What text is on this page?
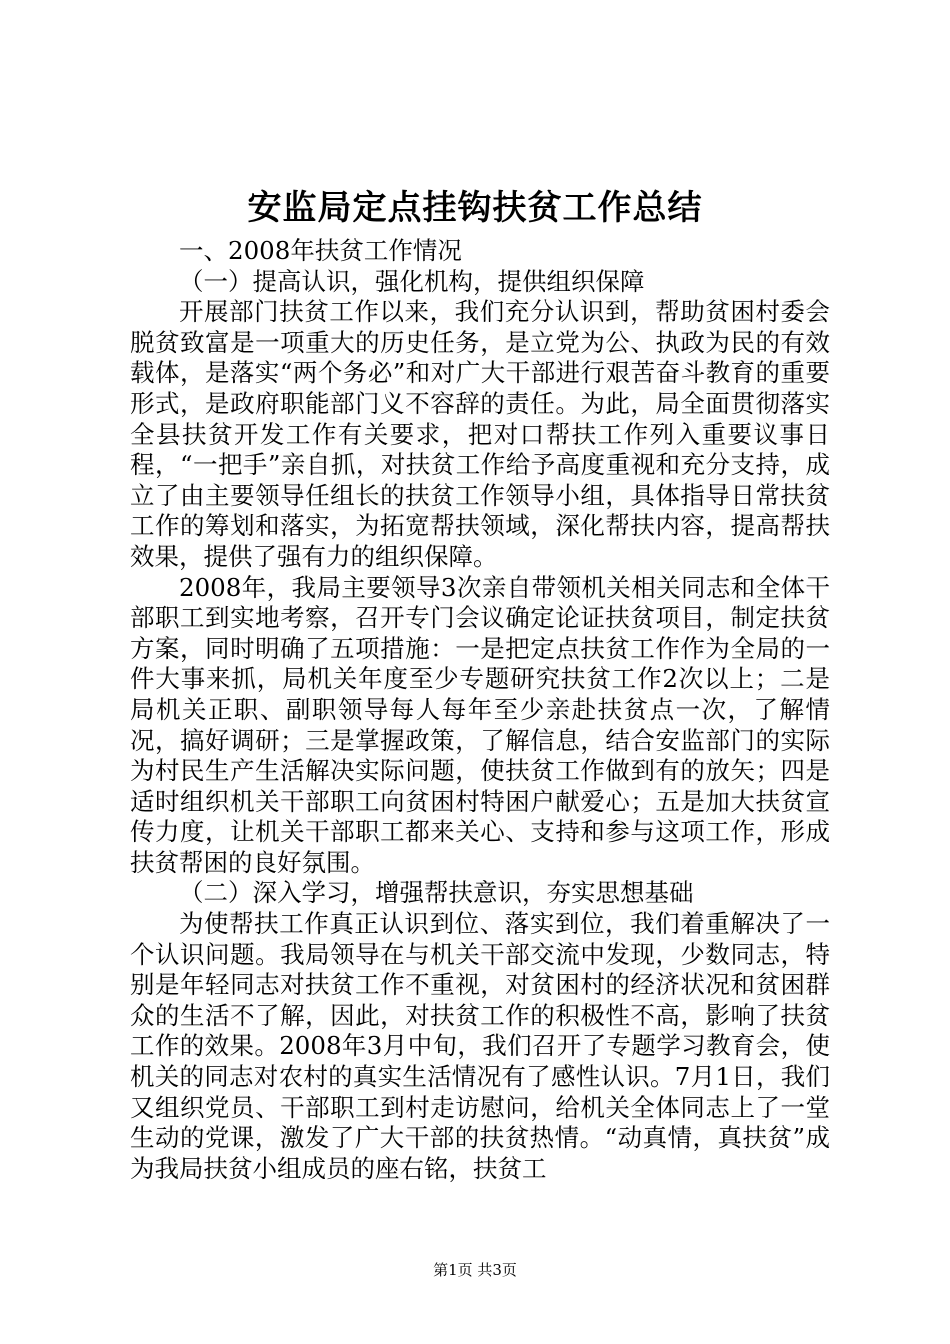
安监局定点挂钩扶贫工作总结

一、2008年扶贫工作情况

（一）提高认识，强化机构，提供组织保障

开展部门扶贫工作以来，我们充分认识到，帮助贫困村委会脱贫致富是一项重大的历史任务，是立党为公、执政为民的有效载体，是落实“两个务必”和对广大干部进行艰苦奋斗教育的重要形式，是政府职能部门义不容辞的责任。为此，局全面贯彻落实全县扶贫开发工作有关要求，把对口帮扶工作列入重要议事日程，“一把手”亲自抓，对扶贫工作给予高度重视和充分支持，成立了由主要领导任组长的扶贫工作领导小组，具体指导日常扶贫工作的筹划和落实，为拓宽帮扶领域，深化帮扶内容，提高帮扶效果，提供了强有力的组织保障。

2008年，我局主要领导3次亲自带领机关相关同志和全体干部职工到实地考察，召开专门会议确定论证扶贫项目，制定扶贫方案，同时明确了五项措施：一是把定点扶贫工作作为全局的一件大事来抓，局机关年度至少专题研究扶贫工作2次以上；二是局机关正职、副职领导每人每年至少亲赴扶贫点一次，了解情况，搞好调研；三是掌握政策，了解信息，结合安监部门的实际为村民生产生活解决实际问题，使扶贫工作做到有的放矢；四是适时组织机关干部职工向贫困村特困户献爱心；五是加大扶贫宣传力度，让机关干部职工都来关心、支持和参与这项工作，形成扶贫帮困的良好氛围。

（二）深入学习，增强帮扶意识，夯实思想基础

为使帮扶工作真正认识到位、落实到位，我们着重解决了一个认识问题。我局领导在与机关干部交流中发现，少数同志，特别是年轻同志对扶贫工作不重视，对贫困村的经济状况和贫困群众的生活不了解，因此，对扶贫工作的积极性不高，影响了扶贫工作的效果。2008年3月中旬，我们召开了专题学习教育会，使机关的同志对农村的真实生活情况有了感性认识。7月1日，我们又组织党员、干部职工到村走访慰问，给机关全体同志上了一堂生动的党课，激发了广大干部的扶贫热情。“动真情，真扶贫”成为我局扶贫小组成员的座右铭，扶贫工

第1页 共3页
